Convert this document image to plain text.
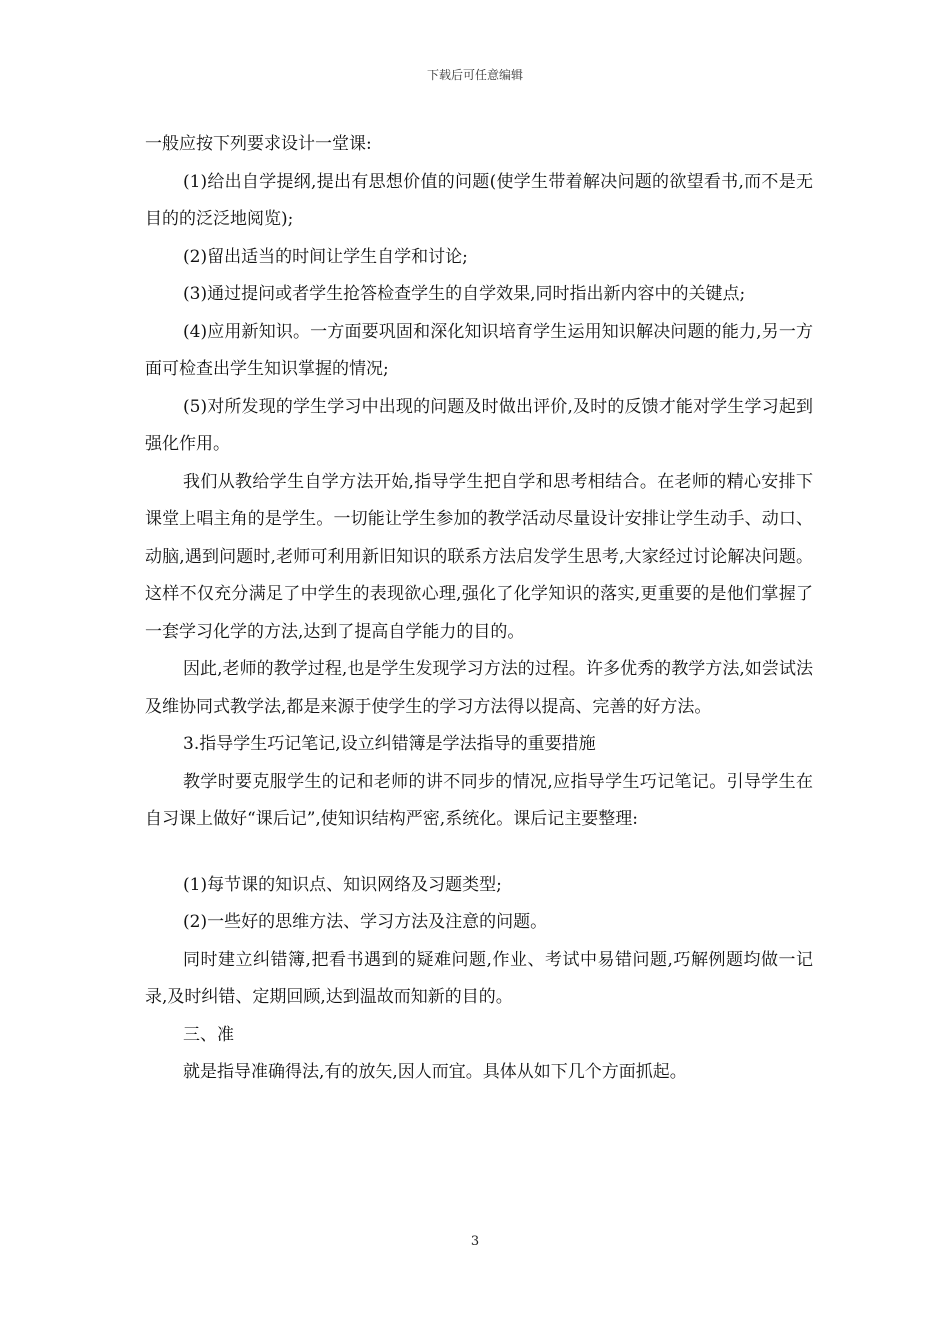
下载后可任意编辑

一般应按下列要求设计一堂课:

(1)给出自学提纲,提出有思想价值的问题(使学生带着解决问题的欲望看书,而不是无目的的泛泛地阅览);

(2)留出适当的时间让学生自学和讨论;

(3)通过提问或者学生抢答检查学生的自学效果,同时指出新内容中的关键点;

(4)应用新知识。一方面要巩固和深化知识培育学生运用知识解决问题的能力,另一方面可检查出学生知识掌握的情况;

(5)对所发现的学生学习中出现的问题及时做出评价,及时的反馈才能对学生学习起到强化作用。

我们从教给学生自学方法开始,指导学生把自学和思考相结合。在老师的精心安排下课堂上唱主角的是学生。一切能让学生参加的教学活动尽量设计安排让学生动手、动口、动脑,遇到问题时,老师可利用新旧知识的联系方法启发学生思考,大家经过讨论解决问题。这样不仅充分满足了中学生的表现欲心理,强化了化学知识的落实,更重要的是他们掌握了一套学习化学的方法,达到了提高自学能力的目的。

因此,老师的教学过程,也是学生发现学习方法的过程。许多优秀的教学方法,如尝试法及维协同式教学法,都是来源于使学生的学习方法得以提高、完善的好方法。

3.指导学生巧记笔记,设立纠错簿是学法指导的重要措施

教学时要克服学生的记和老师的讲不同步的情况,应指导学生巧记笔记。引导学生在自习课上做好“课后记”,使知识结构严密,系统化。课后记主要整理:

(1)每节课的知识点、知识网络及习题类型;

(2)一些好的思维方法、学习方法及注意的问题。

同时建立纠错簿,把看书遇到的疑难问题,作业、考试中易错问题,巧解例题均做一记录,及时纠错、定期回顾,达到温故而知新的目的。

三、准

就是指导准确得法,有的放矢,因人而宜。具体从如下几个方面抓起。

3
